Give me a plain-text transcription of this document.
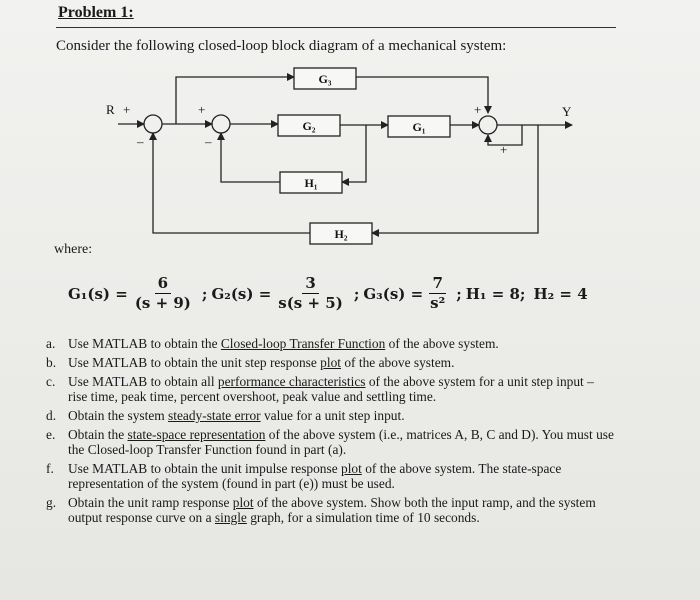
Problem 1:
Consider the following closed-loop block diagram of a mechanical system:
R +
–
+
–
G₃
G₂	G₁
+
+
Y
H₁
H₂
where:
$G_1(s) = \frac{6}{(s + 9)}$ ; $G_2(s) = \frac{3}{s(s + 5)}$ ; $G_3(s) = \frac{7}{\text{s²}}$ ; H₁ = 8; H₂ = 4
a. Use MATLAB to obtain the Closed-loop Transfer Function of the above system.
b. Use MATLAB to obtain the unit step response plot of the above system.
c. Use MATLAB to obtain all performance characteristics of the above system for a unit step input – rise time, peak time, percent overshoot, peak value and settling time.
d. Obtain the system steady-state error value for a unit step input.
e. Obtain the state-space representation of the above system (i.e., matrices A, B, C and D). You must use the Closed-loop Transfer Function found in part (a).
f.	Use MATLAB to obtain the unit impulse response plot of the above system. The state-space representation of the system (found in part (e)) must be used.
g. Obtain the unit ramp response plot of the above system. Show both the input ramp, and the system output response curve on a single graph, for a simulation time of 10 seconds.
